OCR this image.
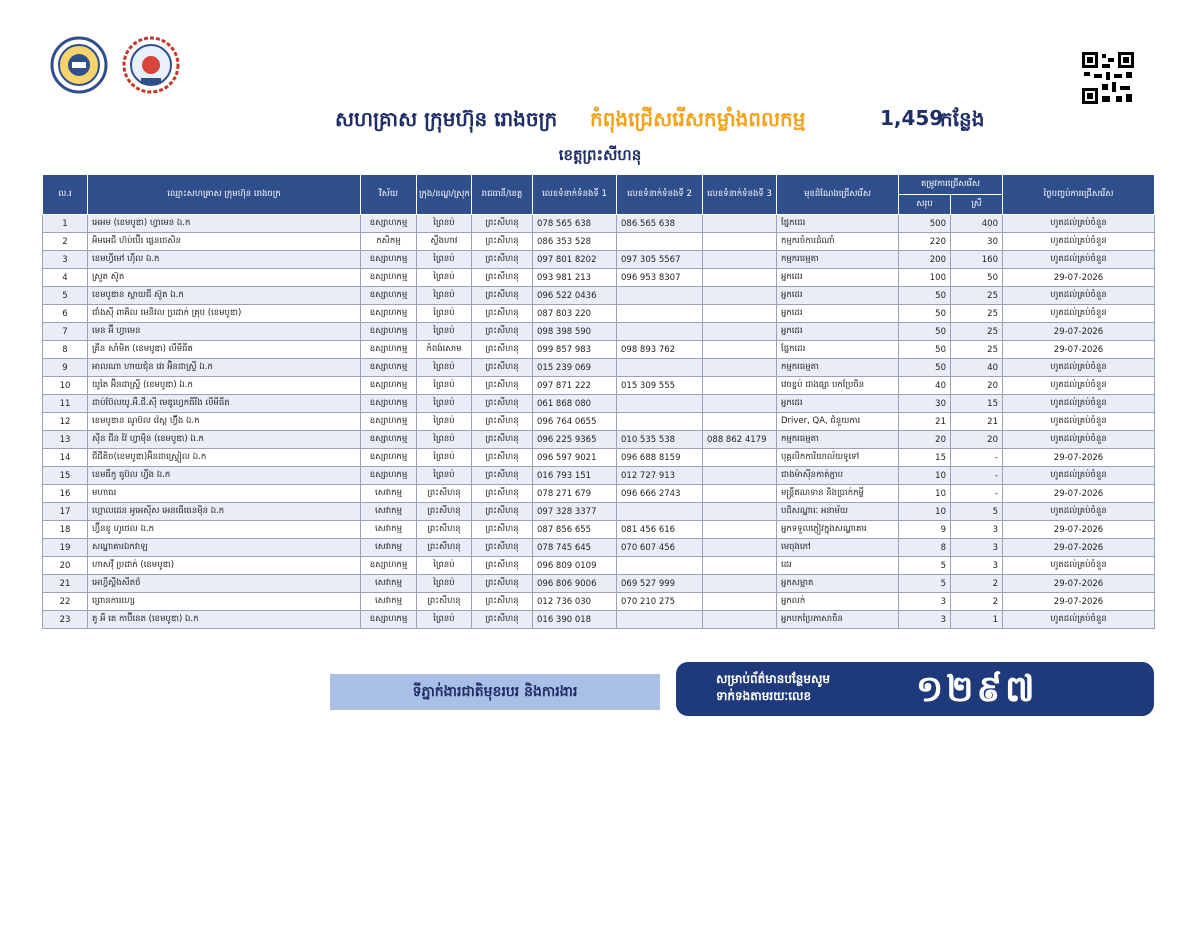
សហគ្រាស ក្រុមហ៊ុន រោងចក្រ កំពុងជ្រើសរើសកម្លាំងពលកម្ម	1,459
កន្លែង
ខេត្តព្រះសីហនុ
ល.រ	ឈ្មោះសហគ្រាស ក្រុមហ៊ុន រោងចក្រ	វិស័យ	ក្រុង/ខណ្ឌ/ស្រុក	រាជធានី/ខេត្ត	លេខទំនាក់ទំនងទី 1	លេខទំនាក់ទំនងទី 2	លេខទំនាក់ទំនងទី 3	មុខដំណែងជ្រើសរើស	តម្រូវការជ្រើសរើស		ថ្ងៃបញ្ចប់ការជ្រើសរើស
									សរុប	ស្រី	
1	អេអម (ខេមបូឌា) ហ្វាមេន ឯ.ក	ឧស្សាហកម្ម	ព្រៃនប់	ព្រះសីហនុ	078 565 638	086 565 638		ផ្នែកដេរ	500	400	ហូតដល់គ្រប់ចំនួន
2	អិមអេជី ហ៊ប់ប៊ើរ ផ្លេនថេសិន	កសិកម្ម	ស្ទឹងហាវ	ព្រះសីហនុ	086 353 528			កម្មករចំការដំណាំ	220	30	ហូតដល់គ្រប់ចំនួន
3	ខេមហ្វីមៅ ហ៊ីល ឯ.ក	ឧស្សាហកម្ម	ព្រៃនប់	ព្រះសីហនុ	097 801 8202	097 305 5567		កម្មករធម្មតា	200	160	ហូតដល់គ្រប់ចំនួន
4	ស្រួត ស៊ូត	ឧស្សាហកម្ម	ព្រៃនប់	ព្រះសីហនុ	093 981 213	096 953 8307		អ្នកដេរ	100	50	29-07-2026
5	ខេមបូឌាន ស្តាយជី ស៊ូត ឯ.ក	ឧស្សាហកម្ម	ព្រៃនប់	ព្រះសីហនុ	096 522 0436			អ្នកដេរ	50	25	ហូតដល់គ្រប់ចំនួន
6	ជាំងស៊ី ពាគិល មេនិវល ប្រដាក់ គ្រុប (ខេមបូឌា)	ឧស្សាហកម្ម	ព្រៃនប់	ព្រះសីហនុ	087 803 220			អ្នកដេរ	50	25	ហូតដល់គ្រប់ចំនួន
7	មេន អ៊ី ហ្វាមេន	ឧស្សាហកម្ម	ព្រៃនប់	ព្រះសីហនុ	098 398 590			អ្នកដេរ	50	25	29-07-2026
8	គ្រីន សាំមិត (ខេមបូឌា) លីមីធីត	ឧស្សាហកម្ម	កំពង់សោម	ព្រះសីហនុ	099 857 983	098 893 762		ផ្នែកដេរ	50	25	29-07-2026
9	អាលណា ហាយជុំន វេរ អ៊ិនដាស្ទ្រី ឯ.ក	ឧស្សាហកម្ម	ព្រៃនប់	ព្រះសីហនុ	015 239 069			កម្មករធម្មតា	50	40	ហូតដល់គ្រប់ចំនួន
10	យូតៃ អ៊ិនដាស្ទ្រី (ខេមបូឌា) ឯ.ក	ឧស្សាហកម្ម	ព្រៃនប់	ព្រះសីហនុ	097 871 222	015 309 555		វេចខ្ចប់ ជាងផ្សា បកប្រែចិន	40	20	ហូតដល់គ្រប់ចំនួន
11	ដាប់ប៊ែលយូ.អឺ.ជី.ស៊ី មេឌូហ្វេកធីរីង លីមីធីត	ឧស្សាហកម្ម	ព្រៃនប់	ព្រះសីហនុ	061 868 080			អ្នកដេរ	30	15	ហូតដល់គ្រប់ចំនួន
12	ខេមបូឌាន ណូប៊ល វ៉េស្ត ហ៊្វីង ឯ.ក	ឧស្សាហកម្ម	ព្រៃនប់	ព្រះសីហនុ	096 764 0655			Driver, QA, ជំនួយការ	21	21	ហូតដល់គ្រប់ចំនួន
13	ស៊ីន ជីន វ៉ៃ ហ្វាម៉ិន (ខេមបូឌា) ឯ.ក	ឧស្សាហកម្ម	ព្រៃនប់	ព្រះសីហនុ	096 225 9365	010 535 538	088 862 4179	កម្មករធម្មតា	20	20	ហូតដល់គ្រប់ចំនួន
14	ជីជីគិច(ខេមបូឌា)អ៊ិនដាស្ទ្រៀល ឯ.ក	ឧស្សាហកម្ម	ព្រៃនប់	ព្រះសីហនុ	096 597 9021	096 688 8159		បុគ្គលិកការិយាល័យទូទៅ	15	-	29-07-2026
15	ខេមធីកូ ធូប៊ល ហ្វីង ឯ.ក	ឧស្សាហកម្ម	ព្រៃនប់	ព្រះសីហនុ	016 793 151	012 727 913		ជាងម៉ាស៊ីនកាត់ភ្ជាប	10	-	ហូតដល់គ្រប់ចំនួន
16	មហាធរ	សេវាកម្ម	ព្រះសីហនុ	ព្រះសីហនុ	078 271 679	096 666 2743		មន្ត្រីឥណទាន និងប្រាក់កម្ចី	10	-	29-07-2026
17	ហ្គោលដេន អូអេស៊ីស អេនធើធេនម៉ិន ឯ.ក	សេវាកម្ម	ព្រះសីហនុ	ព្រះសីហនុ	097 328 3377			បដិសណ្ឋារៈ អនាម័យ	10	5	ហូតដល់គ្រប់ចំនួន
18	ហ្វ៊ីនខូ ហូថេល ឯ.ក	សេវាកម្ម	ព្រះសីហនុ	ព្រះសីហនុ	087 856 655	081 456 616		អ្នកទទួលភ្ញៀវក្នុងសណ្ឋាគារ	9	3	29-07-2026
19	សណ្ឋាគារឯកវាឡ	សេវាកម្ម	ព្រះសីហនុ	ព្រះសីហនុ	078 745 645	070 607 456		មេចុងភៅ	8	3	29-07-2026
20	ហាសវ៉ី ប្រដាក់ (ខេមបូឌា)	ឧស្សាហកម្ម	ព្រៃនប់	ព្រះសីហនុ	096 809 0109			ដេរ	5	3	ហូតដល់គ្រប់ចំនួន
21	អេហ្វីស្តីងសីតថ៌	សេវាកម្ម	ព្រៃនប់	ព្រះសីហនុ	096 806 9006	069 527 999		អ្នកសម្អាត	5	2	29-07-2026
22	ព្រោនការហ្សេ	សេវាកម្ម	ព្រះសីហនុ	ព្រះសីហនុ	012 736 030	070 210 275		អ្នកលក់	3	2	29-07-2026
23	តូ អឹ តេ កាប៊ីនេត (ខេមបូឌា) ឯ.ក	ឧស្សាហកម្ម	ព្រៃនប់	ព្រះសីហនុ	016 390 018			អ្នកបកប្រែភាសាចិន	3	1	ហូតដល់គ្រប់ចំនួន
ទីភ្នាក់ងារជាតិមុខរបរ និងការងារ
សម្រាប់ព័ត៌មានបន្ថែមសូម
ទាក់ទងតាមរយៈលេខ	១២៩៧
